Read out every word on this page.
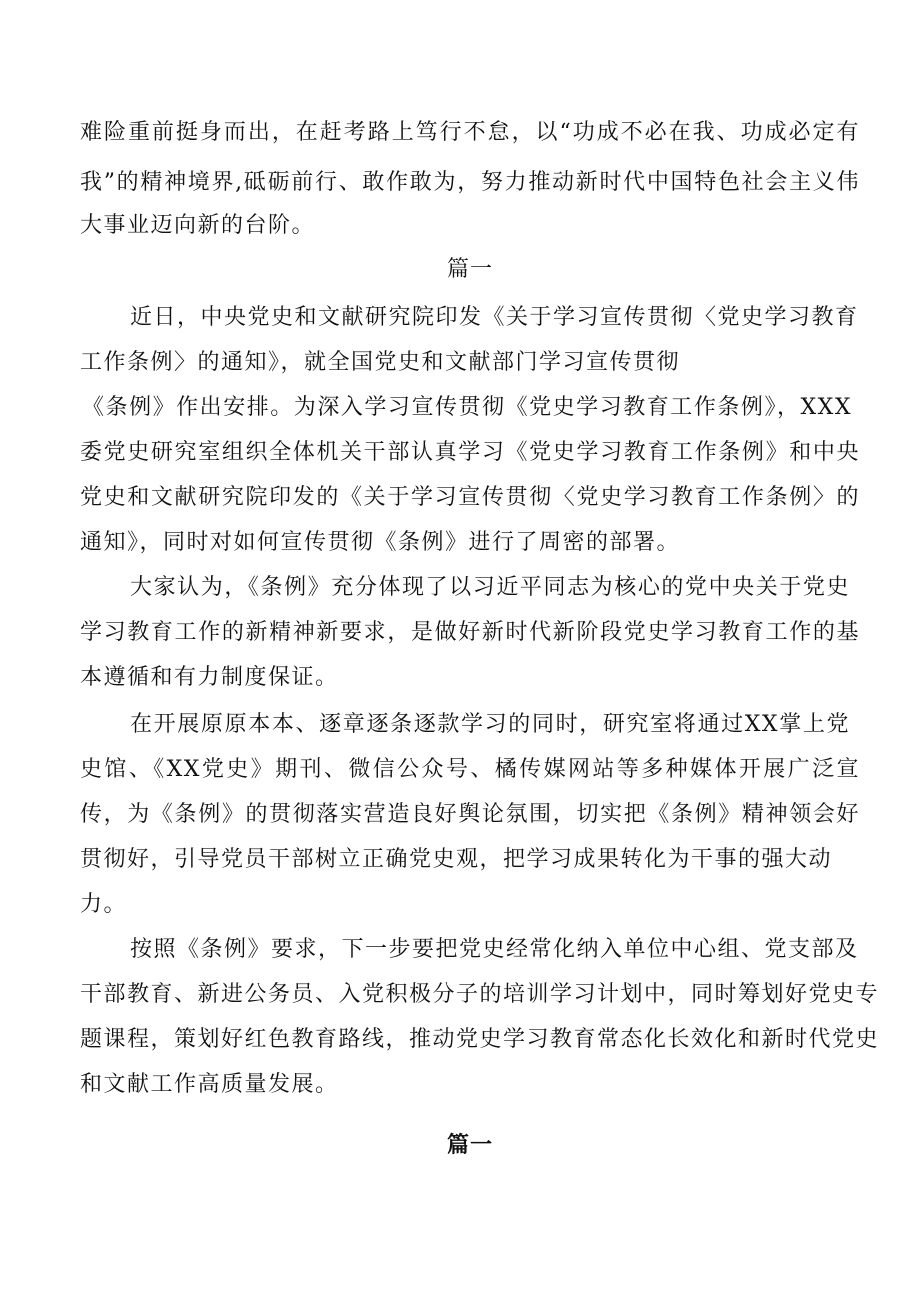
难险重前挺身而出，在赶考路上笃行不怠，以“功成不必在我、功成必定有
我”的精神境界,砥砺前行、敢作敢为，努力推动新时代中国特色社会主义伟
大事业迈向新的台阶。
篇一
近日，中央党史和文献研究院印发《关于学习宣传贯彻〈党史学习教育
工作条例〉的通知》，就全国党史和文献部门学习宣传贯彻
《条例》作出安排。为深入学习宣传贯彻《党史学习教育工作条例》，XXX
委党史研究室组织全体机关干部认真学习《党史学习教育工作条例》和中央
党史和文献研究院印发的《关于学习宣传贯彻〈党史学习教育工作条例〉的
通知》，同时对如何宣传贯彻《条例》进行了周密的部署。
大家认为，《条例》充分体现了以习近平同志为核心的党中央关于党史
学习教育工作的新精神新要求，是做好新时代新阶段党史学习教育工作的基
本遵循和有力制度保证。
在开展原原本本、逐章逐条逐款学习的同时，研究室将通过XX掌上党
史馆、《XX党史》期刊、微信公众号、橘传媒网站等多种媒体开展广泛宣
传，为《条例》的贯彻落实营造良好舆论氛围，切实把《条例》精神领会好
贯彻好，引导党员干部树立正确党史观，把学习成果转化为干事的强大动
力。
按照《条例》要求，下一步要把党史经常化纳入单位中心组、党支部及
干部教育、新进公务员、入党积极分子的培训学习计划中，同时筹划好党史专
题课程，策划好红色教育路线，推动党史学习教育常态化长效化和新时代党史
和文献工作高质量发展。
篇一
